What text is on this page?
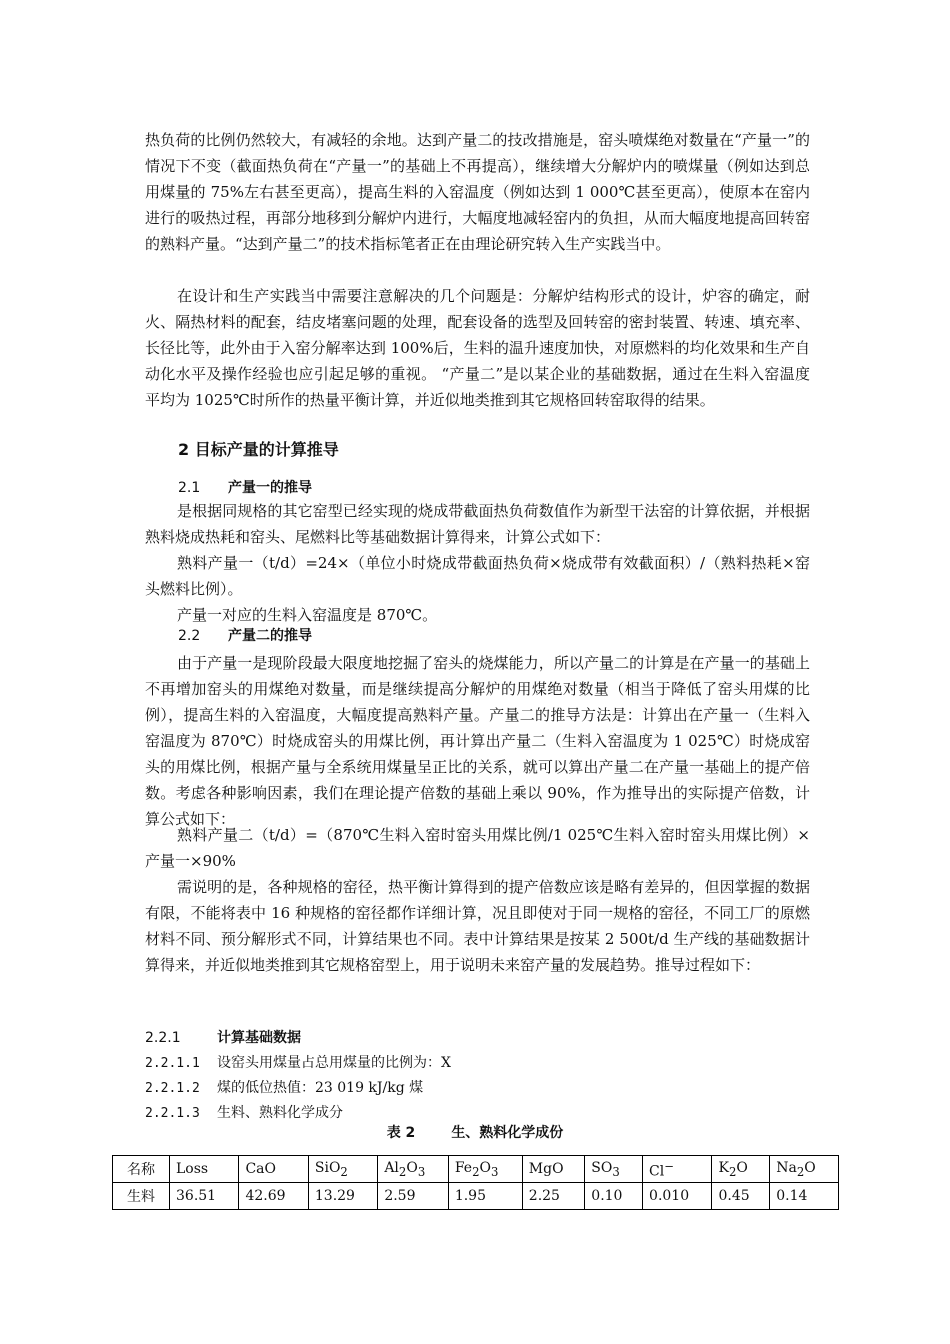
热负荷的比例仍然较大，有减轻的余地。达到产量二的技改措施是，窑头喷煤绝对数量在“产量一”的情况下不变（截面热负荷在“产量一”的基础上不再提高），继续增大分解炉内的喷煤量（例如达到总用煤量的 75%左右甚至更高），提高生料的入窑温度（例如达到 1 000℃甚至更高），使原本在窑内进行的吸热过程，再部分地移到分解炉内进行，大幅度地减轻窑内的负担，从而大幅度地提高回转窑的熟料产量。“达到产量二”的技术指标笔者正在由理论研究转入生产实践当中。

在设计和生产实践当中需要注意解决的几个问题是：分解炉结构形式的设计，炉容的确定，耐火、隔热材料的配套，结皮堵塞问题的处理，配套设备的选型及回转窑的密封装置、转速、填充率、长径比等，此外由于入窑分解率达到 100%后，生料的温升速度加快，对原燃料的均化效果和生产自动化水平及操作经验也应引起足够的重视。 “产量二”是以某企业的基础数据，通过在生料入窑温度平均为 1025℃时所作的热量平衡计算，并近似地类推到其它规格回转窑取得的结果。

2 目标产量的计算推导
2.1 产量一的推导

是根据同规格的其它窑型已经实现的烧成带截面热负荷数值作为新型干法窑的计算依据，并根据熟料烧成热耗和窑头、尾燃料比等基础数据计算得来，计算公式如下：

熟料产量一（t/d）=24×（单位小时烧成带截面热负荷×烧成带有效截面积）/（熟料热耗×窑头燃料比例）。

产量一对应的生料入窑温度是 870℃。

2.2 产量二的推导

由于产量一是现阶段最大限度地挖掘了窑头的烧煤能力，所以产量二的计算是在产量一的基础上不再增加窑头的用煤绝对数量，而是继续提高分解炉的用煤绝对数量（相当于降低了窑头用煤的比例），提高生料的入窑温度，大幅度提高熟料产量。产量二的推导方法是：计算出在产量一（生料入窑温度为 870℃）时烧成窑头的用煤比例，再计算出产量二（生料入窑温度为 1 025℃）时烧成窑头的用煤比例，根据产量与全系统用煤量呈正比的关系，就可以算出产量二在产量一基础上的提产倍数。考虑各种影响因素，我们在理论提产倍数的基础上乘以 90%，作为推导出的实际提产倍数，计算公式如下：

熟料产量二（t/d）=（870℃生料入窑时窑头用煤比例/1 025℃生料入窑时窑头用煤比例）×产量一×90%

需说明的是，各种规格的窑径，热平衡计算得到的提产倍数应该是略有差异的，但因掌握的数据有限，不能将表中 16 种规格的窑径都作详细计算，况且即使对于同一规格的窑径，不同工厂的原燃材料不同、预分解形式不同，计算结果也不同。表中计算结果是按某 2 500t/d 生产线的基础数据计算得来，并近似地类推到其它规格窑型上，用于说明未来窑产量的发展趋势。推导过程如下：

2.2.1	计算基础数据
2.2.1.1 设窑头用煤量占总用煤量的比例为：X
2.2.1.2 煤的低位热值：23 019 kJ/kg 煤
2.2.1.3 生料、熟料化学成分
表 2	生、熟料化学成份
名称	Loss	CaO	SiO$_2$	$Al_2O_3$	$Fe_2O_3$	MgO	$SO_3$	Cl−	$K_2O$	$Na_2O$
生料	36.51	42.69	13.29	2.59	1.95	2.25	0.10	0.010	0.45	0.14
